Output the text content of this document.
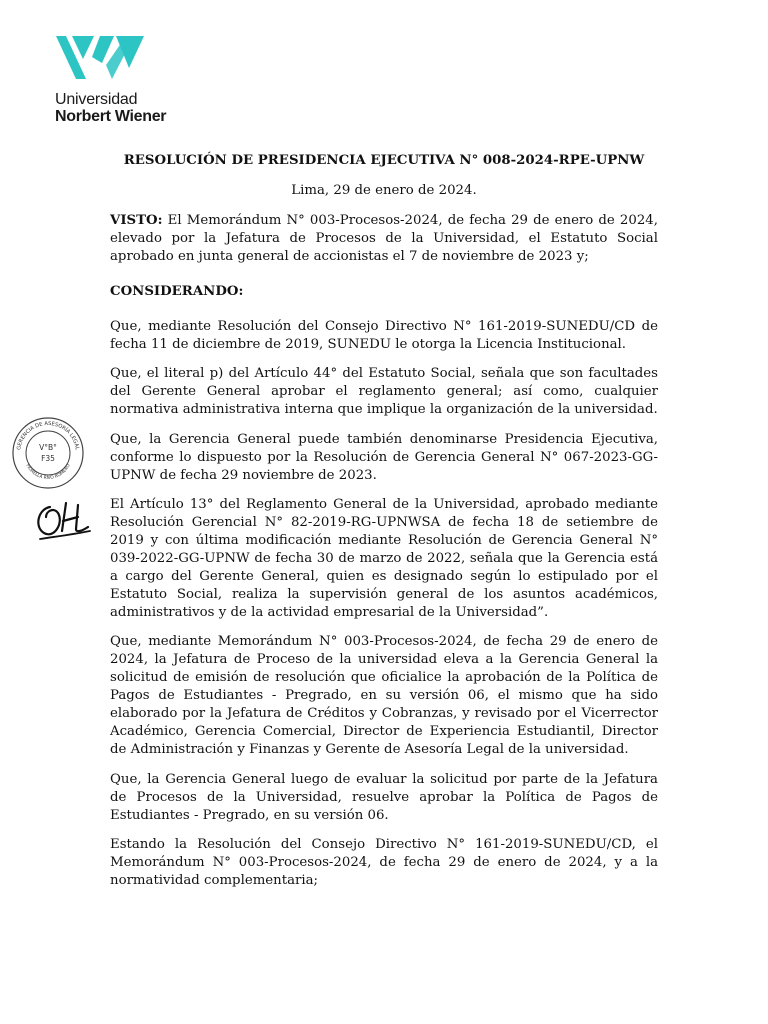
Universidad
Norbert Wiener
GERENCIA DE ASESORÍA LEGAL
FIORELLA RIVO ROMERO
V°B°
F35

RESOLUCIÓN DE PRESIDENCIA EJECUTIVA N° 008-2024-RPE-UPNW

Lima, 29 de enero de 2024.

VISTO: El Memorándum N° 003-Procesos-2024, de fecha 29 de enero de 2024, elevado por la Jefatura de Procesos de la Universidad, el Estatuto Social aprobado en junta general de accionistas el 7 de noviembre de 2023 y;

CONSIDERANDO:

Que, mediante Resolución del Consejo Directivo N° 161-2019-SUNEDU/CD de fecha 11 de diciembre de 2019, SUNEDU le otorga la Licencia Institucional.

Que, el literal p) del Artículo 44° del Estatuto Social, señala que son facultades del Gerente General aprobar el reglamento general; así como, cualquier normativa administrativa interna que implique la organización de la universidad.

Que, la Gerencia General puede también denominarse Presidencia Ejecutiva, conforme lo dispuesto por la Resolución de Gerencia General N° 067-2023-GG-UPNW de fecha 29 noviembre de 2023.

El Artículo 13° del Reglamento General de la Universidad, aprobado mediante Resolución Gerencial N° 82-2019-RG-UPNWSA de fecha 18 de setiembre de 2019 y con última modificación mediante Resolución de Gerencia General N° 039-2022-GG-UPNW de fecha 30 de marzo de 2022, señala que la Gerencia está a cargo del Gerente General, quien es designado según lo estipulado por el Estatuto Social, realiza la supervisión general de los asuntos académicos, administrativos y de la actividad empresarial de la Universidad”.

Que, mediante Memorándum N° 003-Procesos-2024, de fecha 29 de enero de 2024, la Jefatura de Proceso de la universidad eleva a la Gerencia General la solicitud de emisión de resolución que oficialice la aprobación de la Política de Pagos de Estudiantes - Pregrado, en su versión 06, el mismo que ha sido elaborado por la Jefatura de Créditos y Cobranzas, y revisado por el Vicerrector Académico, Gerencia Comercial, Director de Experiencia Estudiantil, Director de Administración y Finanzas y Gerente de Asesoría Legal de la universidad.

Que, la Gerencia General luego de evaluar la solicitud por parte de la Jefatura de Procesos de la Universidad, resuelve aprobar la Política de Pagos de Estudiantes - Pregrado, en su versión 06.

Estando la Resolución del Consejo Directivo N° 161-2019-SUNEDU/CD, el Memorándum N° 003-Procesos-2024, de fecha 29 de enero de 2024, y a la normatividad complementaria;
